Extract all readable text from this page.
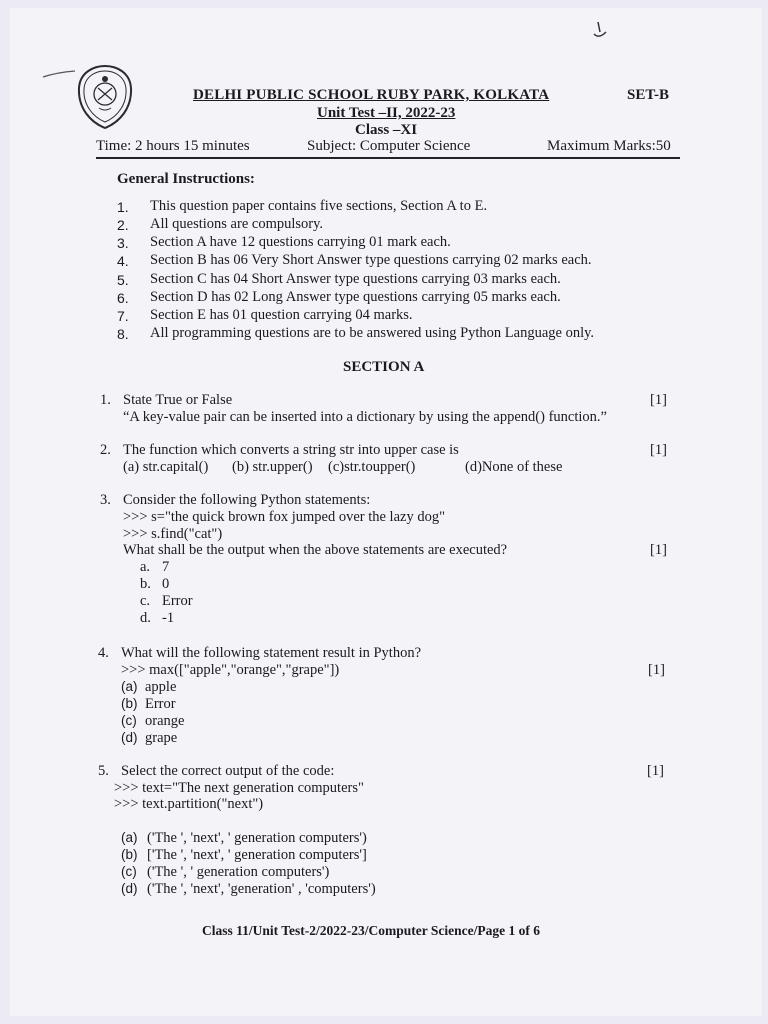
DELHI PUBLIC SCHOOL RUBY PARK, KOLKATA	SET-B
Unit Test –II, 2022-23
Class –XI
Time: 2 hours 15 minutes	Subject: Computer Science	Maximum Marks:50
General Instructions:
1. This question paper contains five sections, Section A to E.
2. All questions are compulsory.
3. Section A have 12 questions carrying 01 mark each.
4. Section B has 06 Very Short Answer type questions carrying 02 marks each.
5. Section C has 04 Short Answer type questions carrying 03 marks each.
6. Section D has 02 Long Answer type questions carrying 05 marks each.
7. Section E has 01 question carrying 04 marks.
8. All programming questions are to be answered using Python Language only.
SECTION A
1. State True or False
“A key-value pair can be inserted into a dictionary by using the append() function.”
[1]
2. The function which converts a string str into upper case is	[1]
(a) str.capital() (b) str.upper() (c)str.toupper()	(d)None of these
3. Consider the following Python statements:
>>> s="the quick brown fox jumped over the lazy dog"
>>> s.find("cat")
What shall be the output when the above statements are executed?	[1]
a. 7
b. 0
c. Error
d. -1
4. What will the following statement result in Python?
>>> max(["apple","orange","grape"])	[1]
(a) apple
(b) Error
(c) orange
(d) grape
5. Select the correct output of the code:	[1]
>>> text="The next generation computers"
>>> text.partition("next")
(a) ('The ', 'next', ' generation computers')
(b) ['The ', 'next', ' generation computers']
(c) ('The ', ' generation computers')
(d) ('The ', 'next', 'generation' , 'computers')
Class 11/Unit Test-2/2022-23/Computer Science/Page 1 of 6
